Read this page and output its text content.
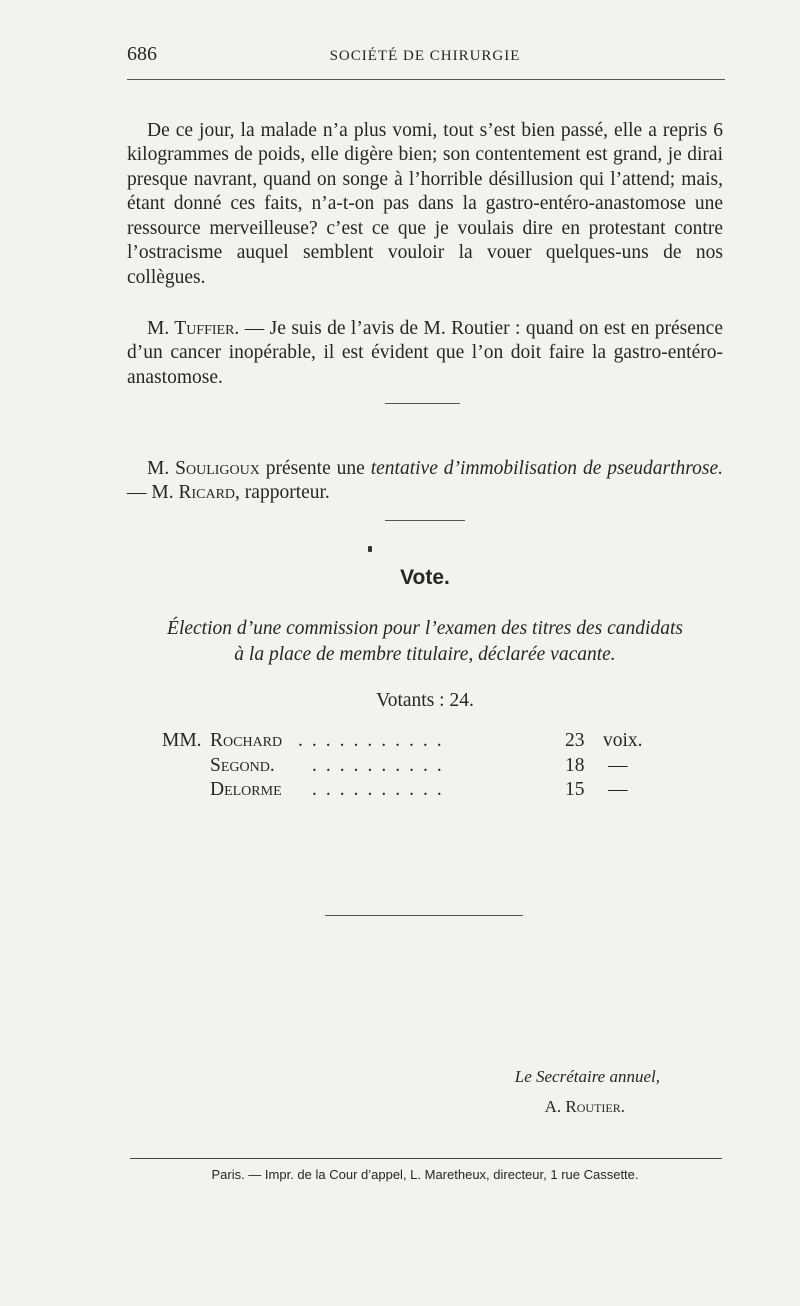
686	SOCIÉTÉ DE CHIRURGIE

De ce jour, la malade n’a plus vomi, tout s’est bien passé, elle a repris 6 kilogrammes de poids, elle digère bien; son contentement est grand, je dirai presque navrant, quand on songe à l’horrible désillusion qui l’attend; mais, étant donné ces faits, n’a-t-on pas dans la gastro-entéro-anastomose une ressource merveilleuse? c’est ce que je voulais dire en protestant contre l’ostracisme auquel semblent vouloir la vouer quelques-uns de nos collègues.

M. Tuffier. — Je suis de l’avis de M. Routier : quand on est en présence d’un cancer inopérable, il est évident que l’on doit faire la gastro-entéro-anastomose.

M. Souligoux présente une tentative d’immobilisation de pseudarthrose. — M. Ricard, rapporteur.

Vote.
Élection d’une commission pour l’examen des titres des candidats
à la place de membre titulaire, déclarée vacante.
Votants : 24.
MM. Rochard ...........	23 voix.
Segond. ..........	18 —
Delorme ..........	15 —
Le Secrétaire annuel,
A. Routier.
Paris. — Impr. de la Cour d’appel, L. Maretheux, directeur, 1 rue Cassette.
